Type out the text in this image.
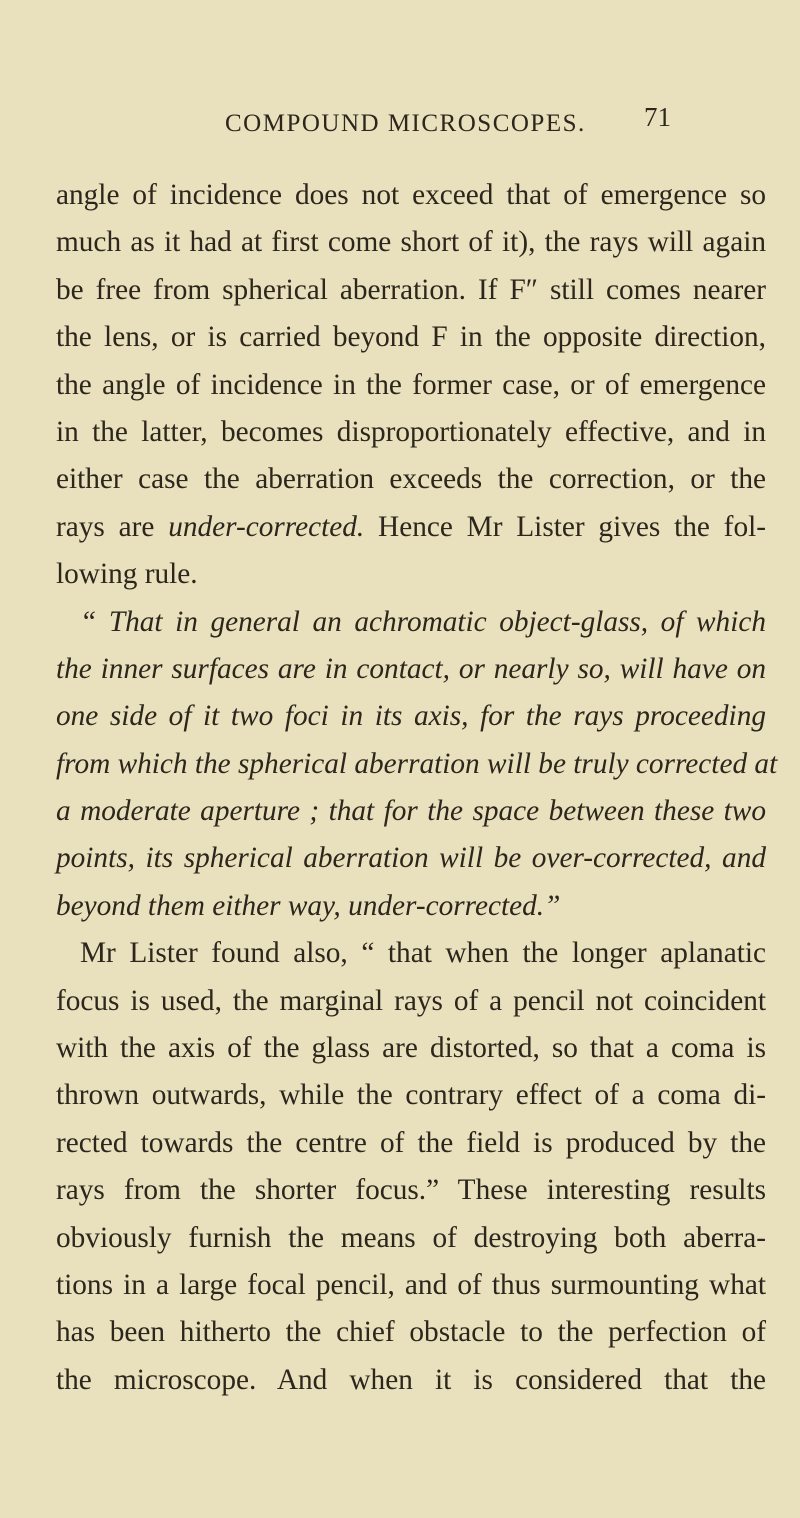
COMPOUND MICROSCOPES. 71
angle of incidence does not exceed that of emergence so
much as it had at first come short of it), the rays will again
be free from spherical aberration. If F″ still comes nearer
the lens, or is carried beyond F in the opposite direction,
the angle of incidence in the former case, or of emergence
in the latter, becomes disproportionately effective, and in
either case the aberration exceeds the correction, or the
rays are under-corrected. Hence Mr Lister gives the fol-
lowing rule.
“ That in general an achromatic object-glass, of which
the inner surfaces are in contact, or nearly so, will have on
one side of it two foci in its axis, for the rays proceeding
from which the spherical aberration will be truly corrected at
a moderate aperture ; that for the space between these two
points, its spherical aberration will be over-corrected, and
beyond them either way, under-corrected.”
Mr Lister found also, “ that when the longer aplanatic
focus is used, the marginal rays of a pencil not coincident
with the axis of the glass are distorted, so that a coma is
thrown outwards, while the contrary effect of a coma di-
rected towards the centre of the field is produced by the
rays from the shorter focus.” These interesting results
obviously furnish the means of destroying both aberra-
tions in a large focal pencil, and of thus surmounting what
has been hitherto the chief obstacle to the perfection of
the microscope. And when it is considered that the
